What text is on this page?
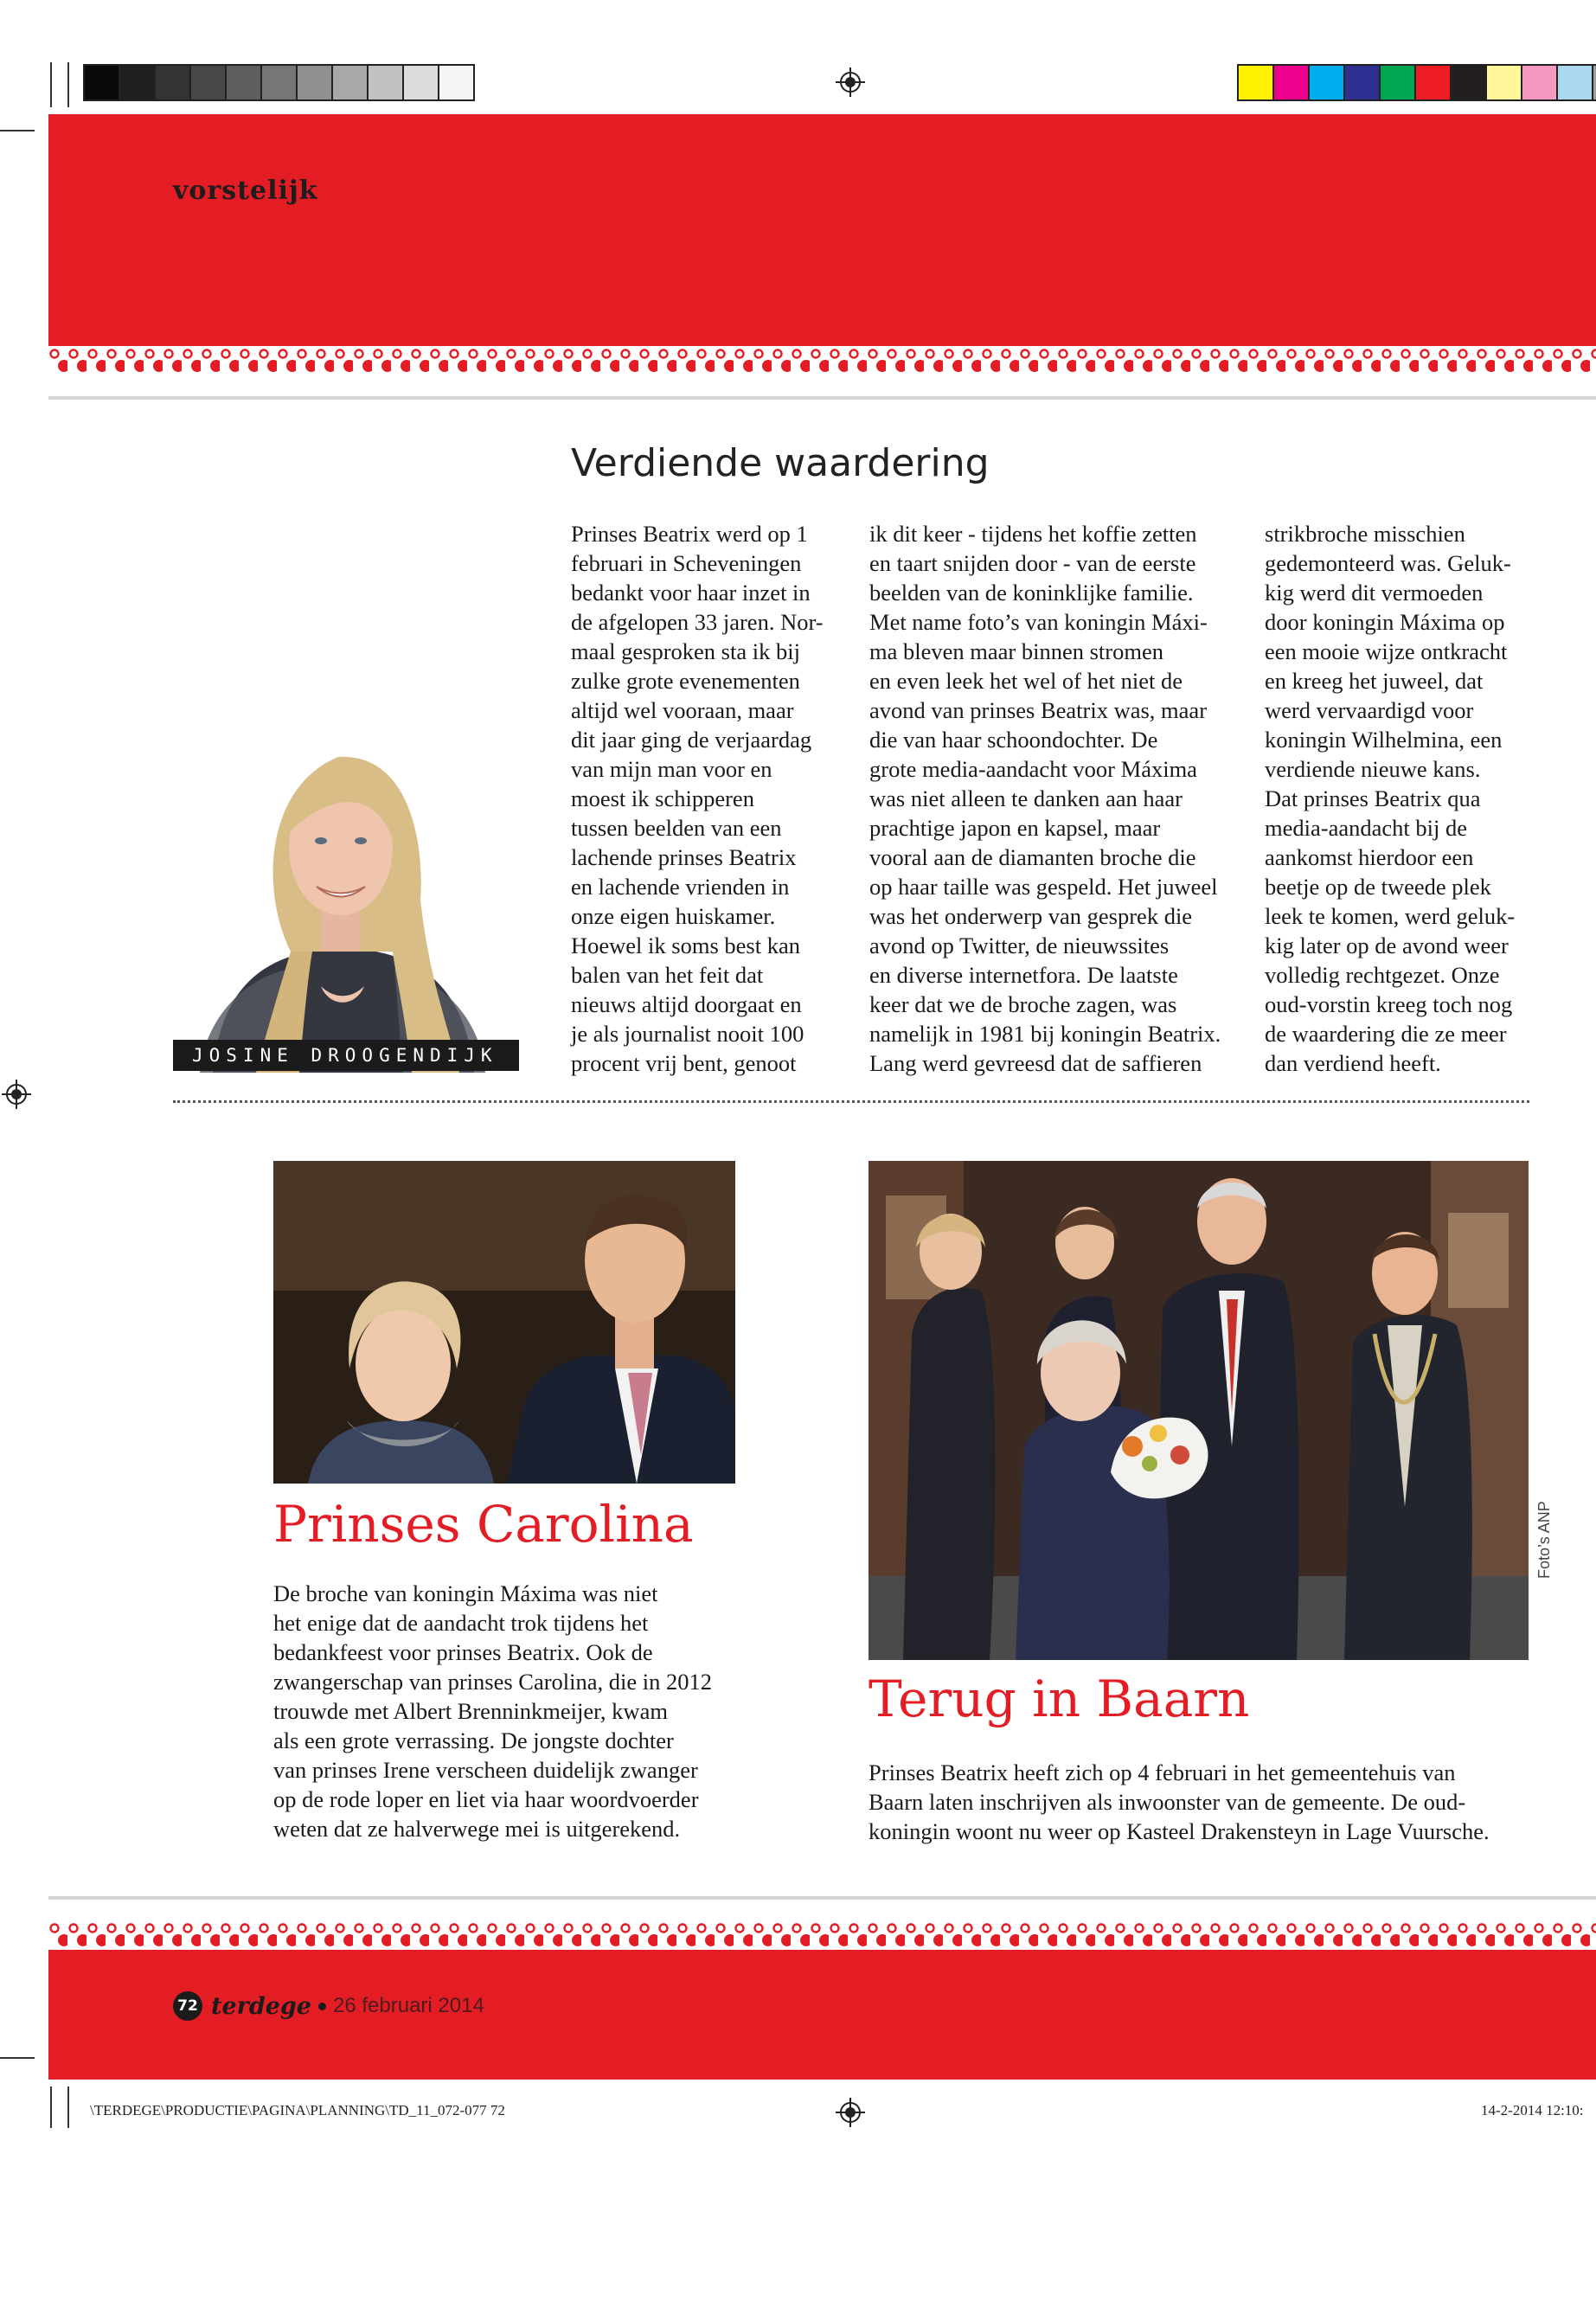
vorstelijk
Verdiende waardering
JOSINE DROOGENDIJK

Prinses Beatrix werd op 1
februari in Scheveningen
bedankt voor haar inzet in
de afgelopen 33 jaren. Nor-
maal gesproken sta ik bij
zulke grote evenementen
altijd wel vooraan, maar
dit jaar ging de verjaardag
van mijn man voor en
moest ik schipperen
tussen beelden van een
lachende prinses Beatrix
en lachende vrienden in
onze eigen huiskamer.
Hoewel ik soms best kan
balen van het feit dat
nieuws altijd doorgaat en
je als journalist nooit 100
procent vrij bent, genoot

ik dit keer - tijdens het koffie zetten
en taart snijden door - van de eerste
beelden van de koninklijke familie.
Met name foto’s van koningin Máxi-
ma bleven maar binnen stromen
en even leek het wel of het niet de
avond van prinses Beatrix was, maar
die van haar schoondochter. De
grote media-aandacht voor Máxima
was niet alleen te danken aan haar
prachtige japon en kapsel, maar
vooral aan de diamanten broche die
op haar taille was gespeld. Het juweel
was het onderwerp van gesprek die
avond op Twitter, de nieuwssites
en diverse internetfora. De laatste
keer dat we de broche zagen, was
namelijk in 1981 bij koningin Beatrix.
Lang werd gevreesd dat de saffieren

strikbroche misschien
gedemonteerd was. Geluk-
kig werd dit vermoeden
door koningin Máxima op
een mooie wijze ontkracht
en kreeg het juweel, dat
werd vervaardigd voor
koningin Wilhelmina, een
verdiende nieuwe kans.
Dat prinses Beatrix qua
media-aandacht bij de
aankomst hierdoor een
beetje op de tweede plek
leek te komen, werd geluk-
kig later op de avond weer
volledig rechtgezet. Onze
oud-vorstin kreeg toch nog
de waardering die ze meer
dan verdiend heeft.

Prinses Carolina

De broche van koningin Máxima was niet
het enige dat de aandacht trok tijdens het
bedankfeest voor prinses Beatrix. Ook de
zwangerschap van prinses Carolina, die in 2012
trouwde met Albert Brenninkmeijer, kwam
als een grote verrassing. De jongste dochter
van prinses Irene verscheen duidelijk zwanger
op de rode loper en liet via haar woordvoerder
weten dat ze halverwege mei is uitgerekend.

Foto’s ANP
Terug in Baarn

Prinses Beatrix heeft zich op 4 februari in het gemeentehuis van
Baarn laten inschrijven als inwoonster van de gemeente. De oud-
koningin woont nu weer op Kasteel Drakensteyn in Lage Vuursche.

72 terdege 26 februari 2014
\TERDEGE\PRODUCTIE\PAGINA\PLANNING\TD_11_072-077 72	14-2-2014 12:10:
